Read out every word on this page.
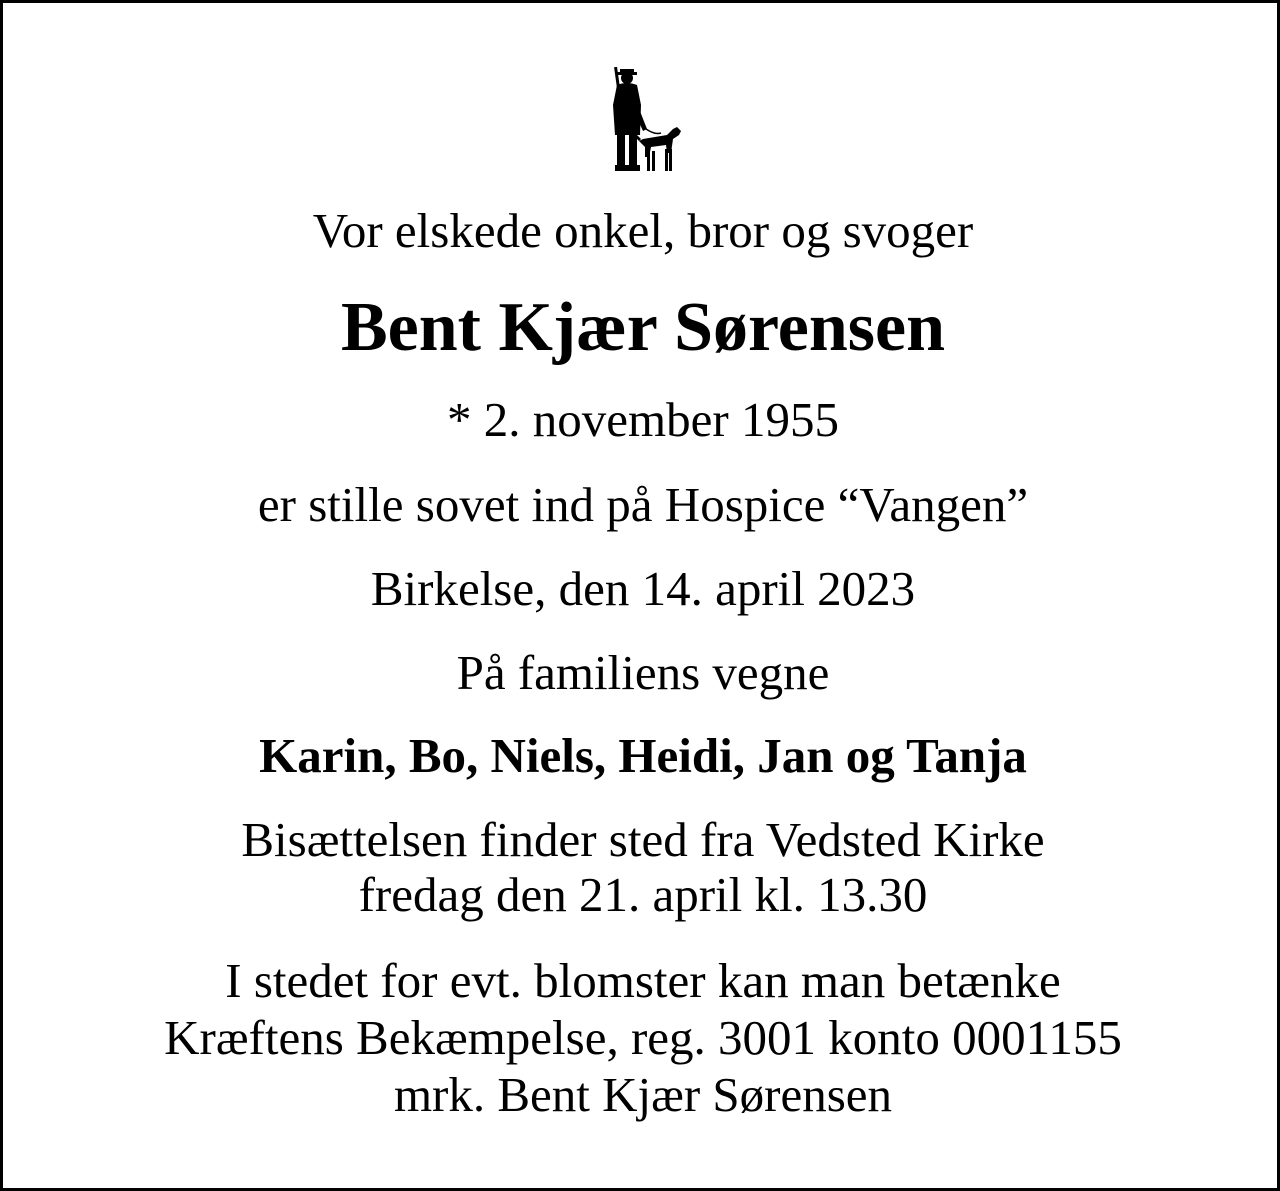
Vor elskede onkel, bror og svoger
Bent Kjær Sørensen
* 2. november 1955
er stille sovet ind på Hospice “Vangen”
Birkelse, den 14. april 2023
På familiens vegne
Karin, Bo, Niels, Heidi, Jan og Tanja
Bisættelsen finder sted fra Vedsted Kirke
fredag den 21. april kl. 13.30
I stedet for evt. blomster kan man betænke
Kræftens Bekæmpelse, reg. 3001 konto 0001155
mrk. Bent Kjær Sørensen
